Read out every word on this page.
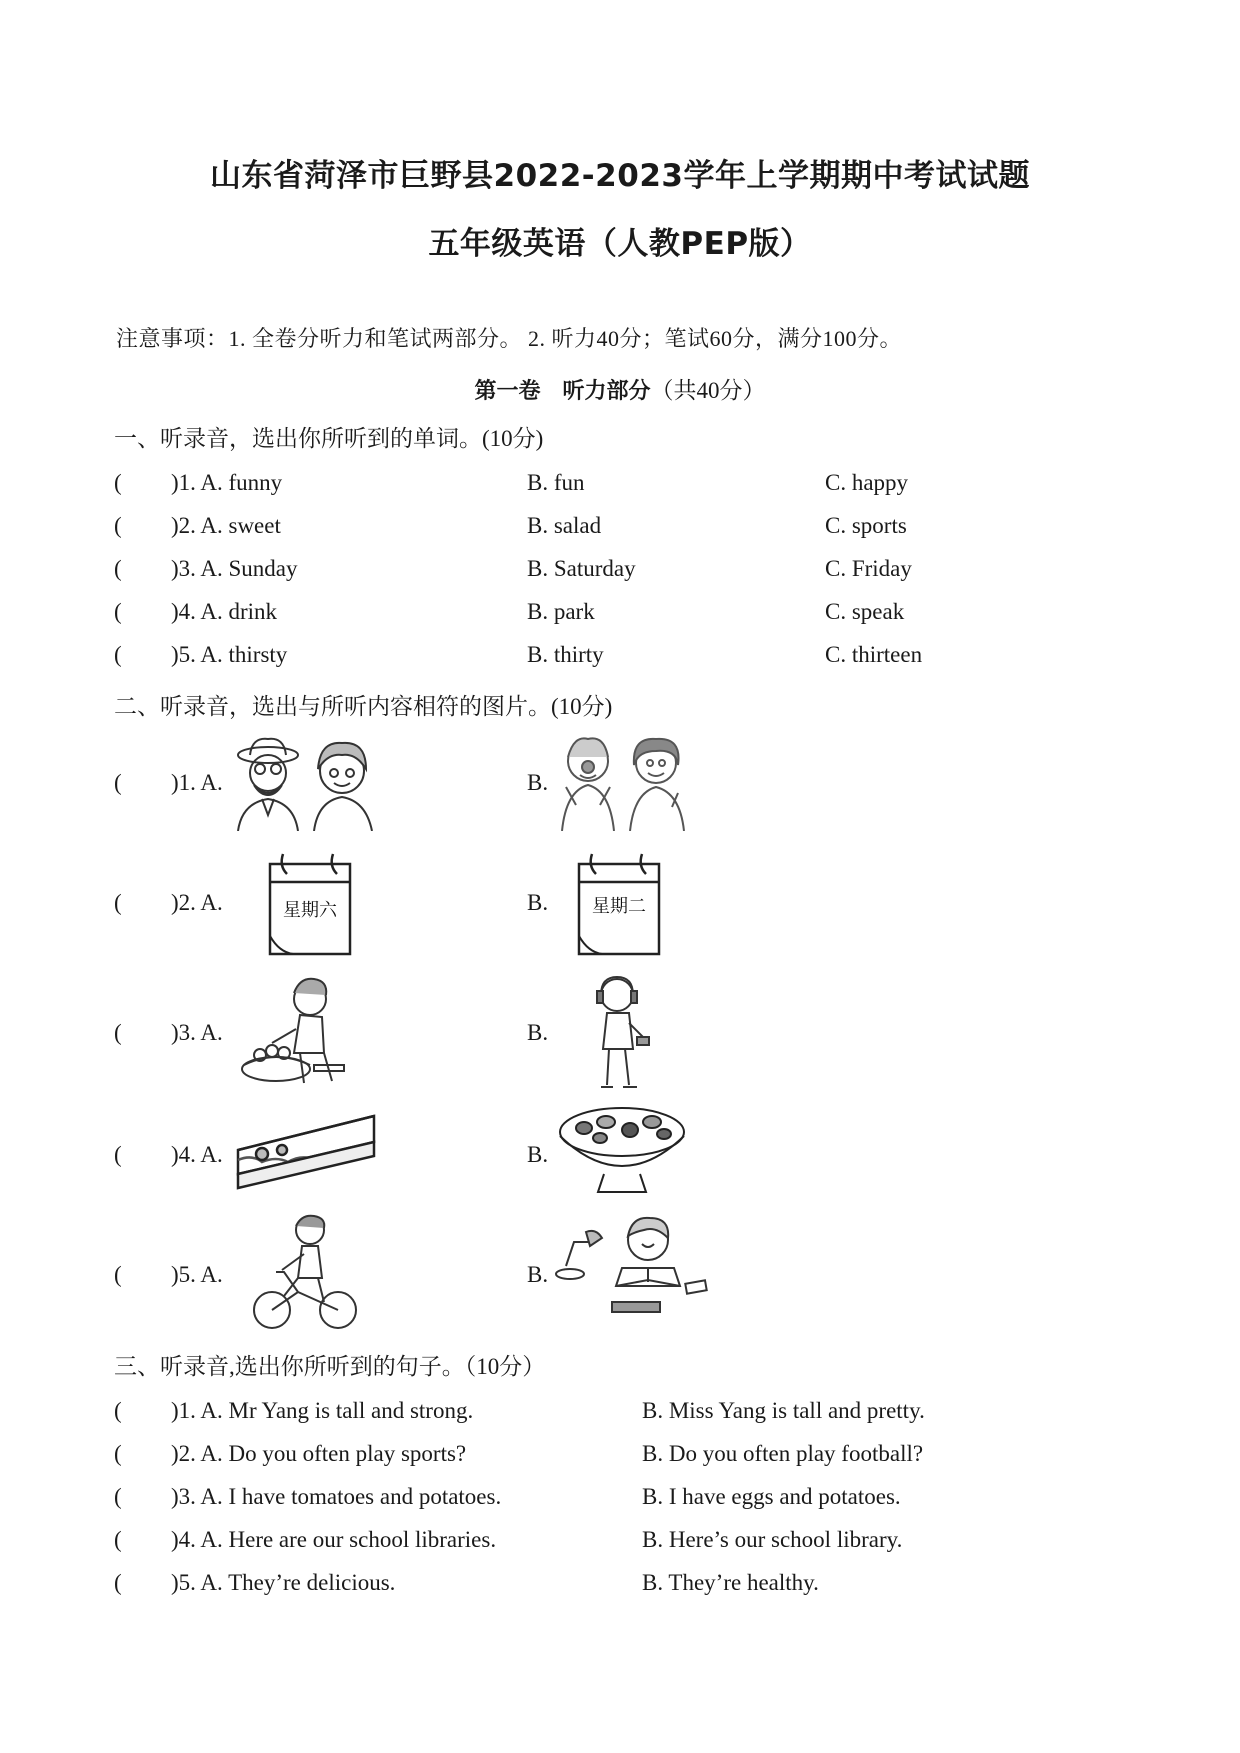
山东省菏泽市巨野县2022-2023学年上学期期中考试试题
五年级英语（人教PEP版）
注意事项：1. 全卷分听力和笔试两部分。 2. 听力40分；笔试60分，满分100分。
第一卷　听力部分（共40分）
一、听录音，选出你所听到的单词。(10分)
( )1. A. funny	B. fun	C. happy
( )2. A. sweet	B. salad	C. sports
( )3. A. Sunday	B. Saturday	C. Friday
( )4. A. drink	B. park	C. speak
( )5. A. thirsty	B. thirty	C. thirteen
二、听录音，选出与所听内容相符的图片。(10分)
( )1. A.	B.
( )2. A.	B.
星期六	星期二
( )3. A.	B.
( )4. A.	B.
( )5. A.	B.
三、听录音,选出你所听到的句子。（10分）
( )1. A. Mr Yang is tall and strong.	B. Miss Yang is tall and pretty.
( )2. A. Do you often play sports?	B. Do you often play football?
( )3. A. I have tomatoes and potatoes.	B. I have eggs and potatoes.
( )4. A. Here are our school libraries.	B. Here’s our school library.
( )5. A. They’re delicious.	B. They’re healthy.
